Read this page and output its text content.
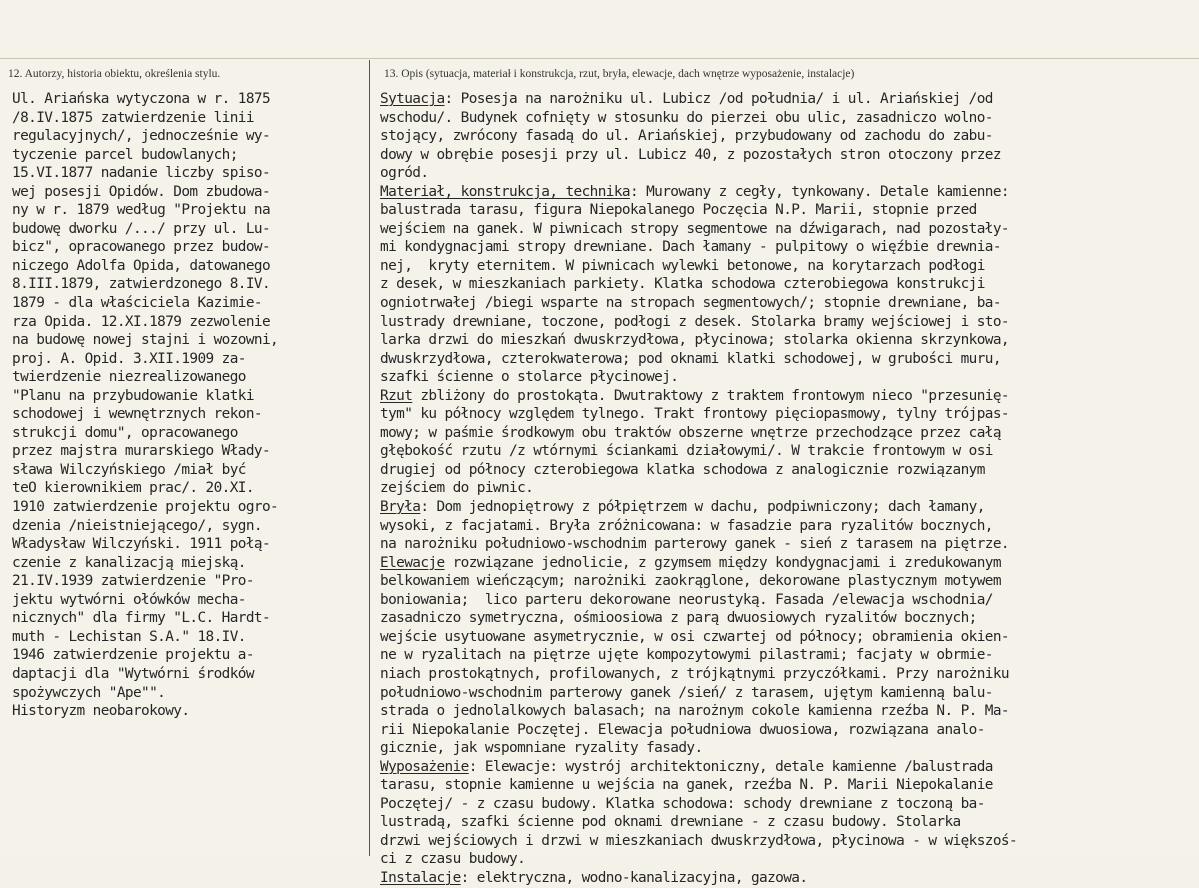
12. Autorzy, historia obiektu, określenia stylu.	13. Opis (sytuacja, materiał i konstrukcja, rzut, bryła, elewacje, dach wnętrze wyposażenie, instalacje)
Ul. Ariańska wytyczona w r. 1875
/8.IV.1875 zatwierdzenie linii
regulacyjnych/, jednocześnie wy-
tyczenie parcel budowlanych;
15.VI.1877 nadanie liczby spiso-
wej posesji Opidów. Dom zbudowa-
ny w r. 1879 według "Projektu na
budowę dworku /.../ przy ul. Lu-
bicz", opracowanego przez budow-
niczego Adolfa Opida, datowanego
8.III.1879, zatwierdzonego 8.IV.
1879 - dla właściciela Kazimie-
rza Opida. 12.XI.1879 zezwolenie
na budowę nowej stajni i wozowni,
proj. A. Opid. 3.XII.1909 za-
twierdzenie niezrealizowanego
"Planu na przybudowanie klatki
schodowej i wewnętrznych rekon-
strukcji domu", opracowanego
przez majstra murarskiego Włady-
sława Wilczyńskiego /miał być
teO kierownikiem prac/. 20.XI.
1910 zatwierdzenie projektu ogro-
dzenia /nieistniejącego/, sygn.
Władysław Wilczyński. 1911 połą-
czenie z kanalizacją miejską.
21.IV.1939 zatwierdzenie "Pro-
jektu wytwórni ołówków mecha-
nicznych" dla firmy "L.C. Hardt-
muth - Lechistan S.A." 18.IV.
1946 zatwierdzenie projektu a-
daptacji dla "Wytwórni środków
spożywczych "Ape"".
Historyzm neobarokowy.
Sytuacja: Posesja na narożniku ul. Lubicz /od południa/ i ul. Ariańskiej /od
wschodu/. Budynek cofnięty w stosunku do pierzei obu ulic, zasadniczo wolno-
stojący, zwrócony fasadą do ul. Ariańskiej, przybudowany od zachodu do zabu-
dowy w obrębie posesji przy ul. Lubicz 40, z pozostałych stron otoczony przez
ogród.
Materiał, konstrukcja, technika: Murowany z cegły, tynkowany. Detale kamienne:
balustrada tarasu, figura Niepokalanego Poczęcia N.P. Marii, stopnie przed
wejściem na ganek. W piwnicach stropy segmentowe na dźwigarach, nad pozostały-
mi kondygnacjami stropy drewniane. Dach łamany - pulpitowy o więźbie drewnia-
nej,  kryty eternitem. W piwnicach wylewki betonowe, na korytarzach podłogi
z desek, w mieszkaniach parkiety. Klatka schodowa czterobiegowa konstrukcji
ogniotrwałej /biegi wsparte na stropach segmentowych/; stopnie drewniane, ba-
lustrady drewniane, toczone, podłogi z desek. Stolarka bramy wejściowej i sto-
larka drzwi do mieszkań dwuskrzydłowa, płycinowa; stolarka okienna skrzynkowa,
dwuskrzydłowa, czterokwaterowa; pod oknami klatki schodowej, w grubości muru,
szafki ścienne o stolarce płycinowej.
Rzut zbliżony do prostokąta. Dwutraktowy z traktem frontowym nieco "przesunię-
tym" ku północy względem tylnego. Trakt frontowy pięciopasmowy, tylny trójpas-
mowy; w paśmie środkowym obu traktów obszerne wnętrze przechodzące przez całą
głębokość rzutu /z wtórnymi ściankami działowymi/. W trakcie frontowym w osi
drugiej od północy czterobiegowa klatka schodowa z analogicznie rozwiązanym
zejściem do piwnic.
Bryła: Dom jednopiętrowy z półpiętrzem w dachu, podpiwniczony; dach łamany,
wysoki, z facjatami. Bryła zróżnicowana: w fasadzie para ryzalitów bocznych,
na narożniku południowo-wschodnim parterowy ganek - sień z tarasem na piętrze.
Elewacje rozwiązane jednolicie, z gzymsem między kondygnacjami i zredukowanym
belkowaniem wieńczącym; narożniki zaokrąglone, dekorowane plastycznym motywem
boniowania;  lico parteru dekorowane neorustyką. Fasada /elewacja wschodnia/
zasadniczo symetryczna, ośmioosiowa z parą dwuosiowych ryzalitów bocznych;
wejście usytuowane asymetrycznie, w osi czwartej od północy; obramienia okien-
ne w ryzalitach na piętrze ujęte kompozytowymi pilastrami; facjaty w obrmie-
niach prostokątnych, profilowanych, z trójkątnymi przyczółkami. Przy narożniku
południowo-wschodnim parterowy ganek /sień/ z tarasem, ujętym kamienną balu-
strada o jednolalkowych balasach; na narożnym cokole kamienna rzeźba N. P. Ma-
rii Niepokalanie Poczętej. Elewacja południowa dwuosiowa, rozwiązana analo-
gicznie, jak wspomniane ryzality fasady.
Wyposażenie: Elewacje: wystrój architektoniczny, detale kamienne /balustrada
tarasu, stopnie kamienne u wejścia na ganek, rzeźba N. P. Marii Niepokalanie
Poczętej/ - z czasu budowy. Klatka schodowa: schody drewniane z toczoną ba-
lustradą, szafki ścienne pod oknami drewniane - z czasu budowy. Stolarka
drzwi wejściowych i drzwi w mieszkaniach dwuskrzydłowa, płycinowa - w większoś-
ci z czasu budowy.
Instalacje: elektryczna, wodno-kanalizacyjna, gazowa.
